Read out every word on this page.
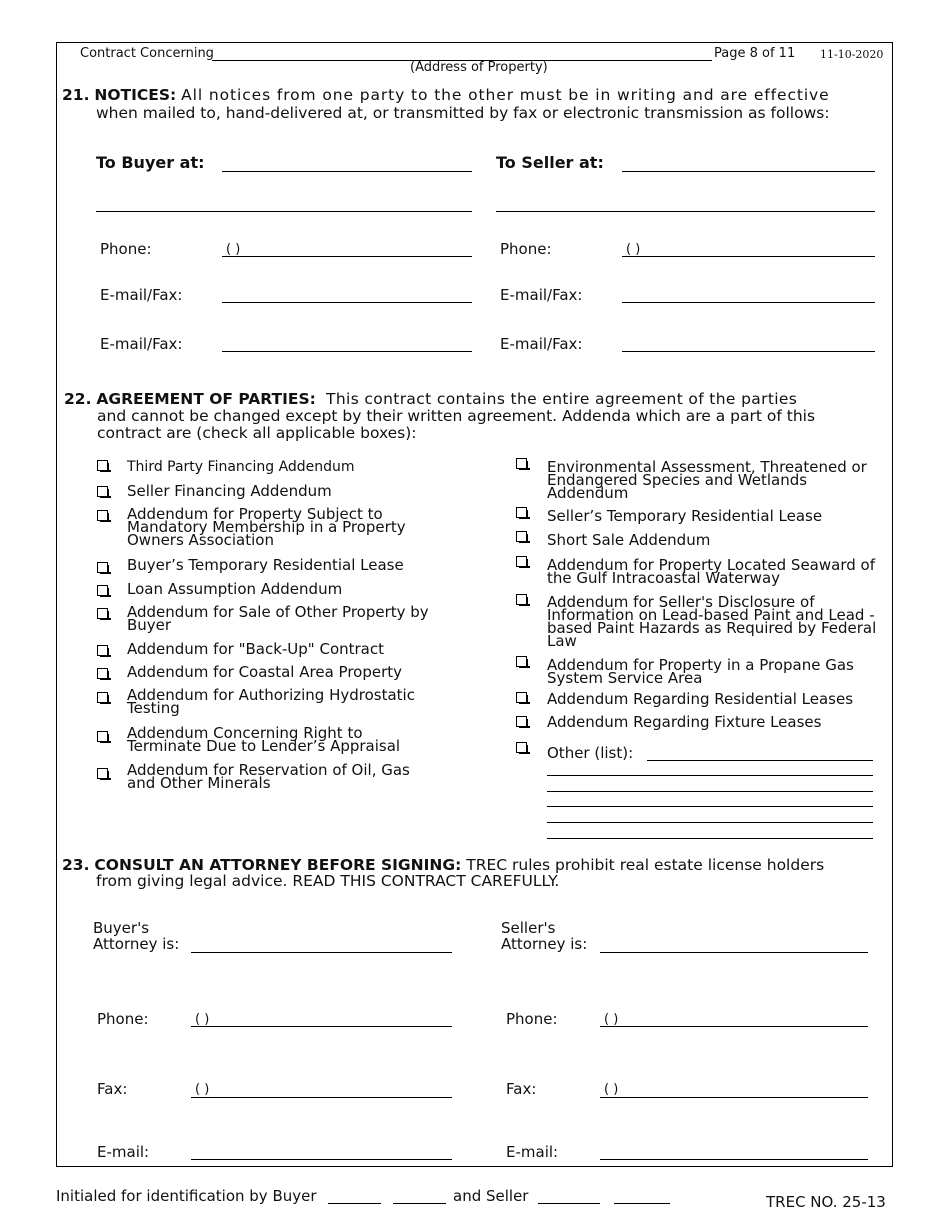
Contract Concerning
(Address of Property)
Page 8 of 11 11-10-2020
21. NOTICES: All notices from one party to the other must be in writing and are effective
when mailed to, hand-delivered at, or transmitted by fax or electronic transmission as follows:
To Buyer at:	To Seller at:
Phone:	( )	Phone:	( )
E-mail/Fax:	E-mail/Fax:
E-mail/Fax:	E-mail/Fax:
22. AGREEMENT OF PARTIES: This contract contains the entire agreement of the parties
and cannot be changed except by their written agreement. Addenda which are a part of this
contract are (check all applicable boxes):
Third Party Financing Addendum
Seller Financing Addendum
Addendum for Property Subject to Mandatory Membership in a Property Owners Association
Buyer’s Temporary Residential Lease
Loan Assumption Addendum
Addendum for Sale of Other Property by Buyer
Addendum for "Back-Up" Contract
Addendum for Coastal Area Property
Addendum for Authorizing Hydrostatic Testing
Addendum Concerning Right to Terminate Due to Lender’s Appraisal
Addendum for Reservation of Oil, Gas and Other Minerals
Environmental Assessment, Threatened or Endangered Species and Wetlands Addendum
Seller’s Temporary Residential Lease
Short Sale Addendum
Addendum for Property Located Seaward of the Gulf Intracoastal Waterway
Addendum for Seller's Disclosure of Information on Lead-based Paint and Lead -based Paint Hazards as Required by Federal Law
Addendum for Property in a Propane Gas System Service Area
Addendum Regarding Residential Leases
Addendum Regarding Fixture Leases
Other (list):
23. CONSULT AN ATTORNEY BEFORE SIGNING: TREC rules prohibit real estate license holders
from giving legal advice. READ THIS CONTRACT CAREFULLY.
Buyer's
Attorney is:
Seller's
Attorney is:
Phone:	( )	Phone:	( )
Fax:	( )	Fax:	( )
E-mail:	E-mail:
Initialed for identification by Buyer	and Seller	TREC NO. 25-13
